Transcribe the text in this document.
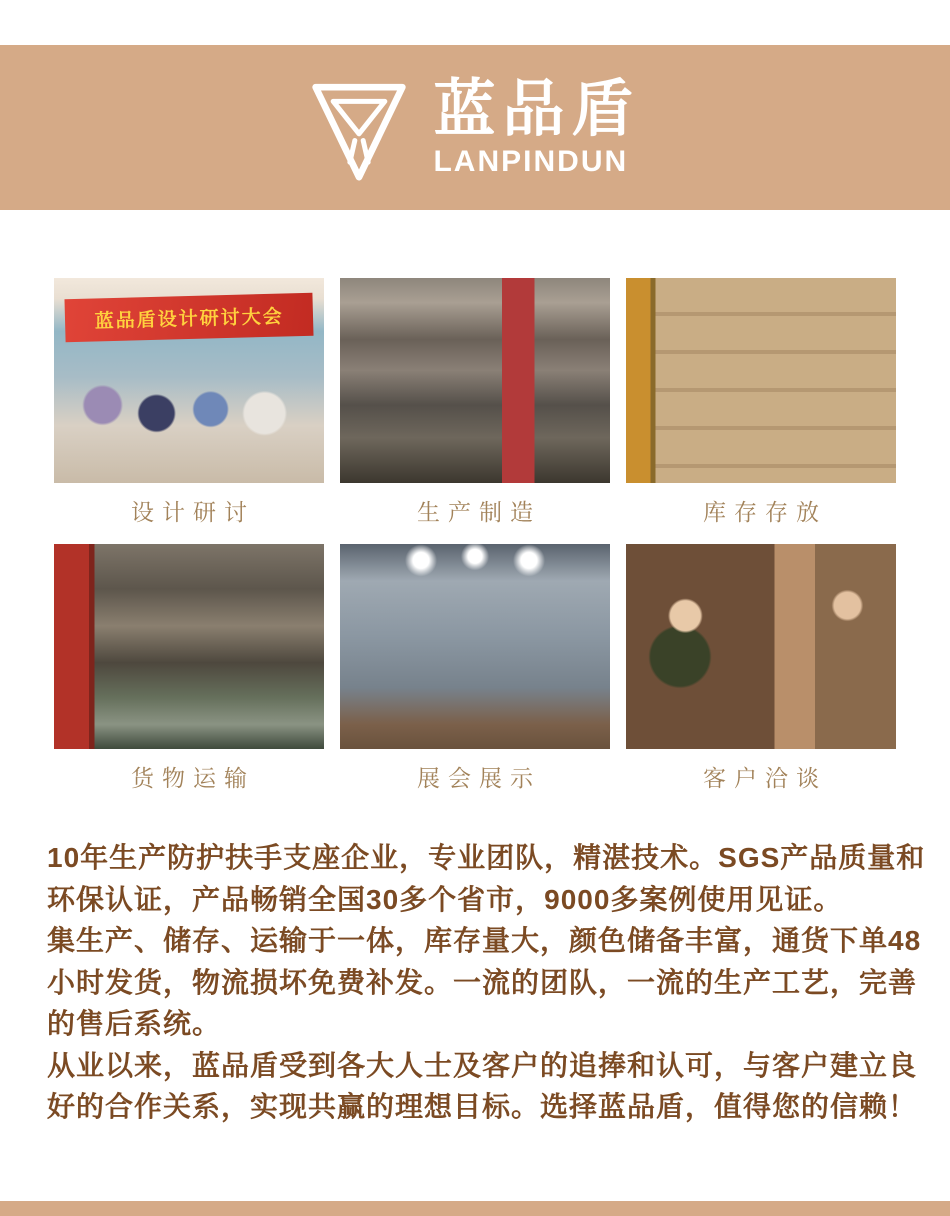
蓝品盾
LANPINDUN
蓝品盾设计研讨大会
设计研讨	生产制造	库存存放
货物运输	展会展示	客户洽谈
10年生产防护扶手支座企业，专业团队，精湛技术。SGS产品质量和
环保认证，产品畅销全国30多个省市，9000多案例使用见证。
集生产、储存、运输于一体，库存量大，颜色储备丰富，通货下单48
小时发货，物流损坏免费补发。一流的团队，一流的生产工艺，完善
的售后系统。
从业以来，蓝品盾受到各大人士及客户的追捧和认可，与客户建立良
好的合作关系，实现共赢的理想目标。选择蓝品盾，值得您的信赖！
